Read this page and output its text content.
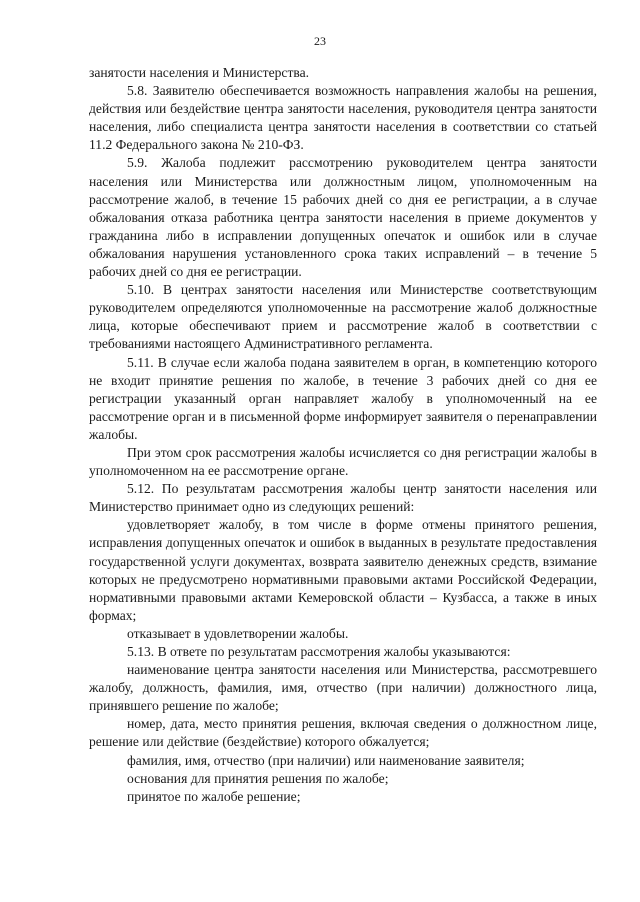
23

занятости населения и Министерства.

5.8. Заявителю обеспечивается возможность направления жалобы на решения, действия или бездействие центра занятости населения, руководителя центра занятости населения, либо специалиста центра занятости населения в соответствии со статьей 11.2 Федерального закона № 210-ФЗ.

5.9. Жалоба подлежит рассмотрению руководителем центра занятости населения или Министерства или должностным лицом, уполномоченным на рассмотрение жалоб, в течение 15 рабочих дней со дня ее регистрации, а в случае обжалования отказа работника центра занятости населения в приеме документов у гражданина либо в исправлении допущенных опечаток и ошибок или в случае обжалования нарушения установленного срока таких исправлений – в течение 5 рабочих дней со дня ее регистрации.

5.10. В центрах занятости населения или Министерстве соответствующим руководителем определяются уполномоченные на рассмотрение жалоб должностные лица, которые обеспечивают прием и рассмотрение жалоб в соответствии с требованиями настоящего Административного регламента.

5.11. В случае если жалоба подана заявителем в орган, в компетенцию которого не входит принятие решения по жалобе, в течение 3 рабочих дней со дня ее регистрации указанный орган направляет жалобу в уполномоченный на ее рассмотрение орган и в письменной форме информирует заявителя о перенаправлении жалобы.

При этом срок рассмотрения жалобы исчисляется со дня регистрации жалобы в уполномоченном на ее рассмотрение органе.

5.12. По результатам рассмотрения жалобы центр занятости населения или Министерство принимает одно из следующих решений:

удовлетворяет жалобу, в том числе в форме отмены принятого решения, исправления допущенных опечаток и ошибок в выданных в результате предоставления государственной услуги документах, возврата заявителю денежных средств, взимание которых не предусмотрено нормативными правовыми актами Российской Федерации, нормативными правовыми актами Кемеровской области – Кузбасса, а также в иных формах;

отказывает в удовлетворении жалобы.

5.13. В ответе по результатам рассмотрения жалобы указываются:

наименование центра занятости населения или Министерства, рассмотревшего жалобу, должность, фамилия, имя, отчество (при наличии) должностного лица, принявшего решение по жалобе;

номер, дата, место принятия решения, включая сведения о должностном лице, решение или действие (бездействие) которого обжалуется;

фамилия, имя, отчество (при наличии) или наименование заявителя;

основания для принятия решения по жалобе;

принятое по жалобе решение;
